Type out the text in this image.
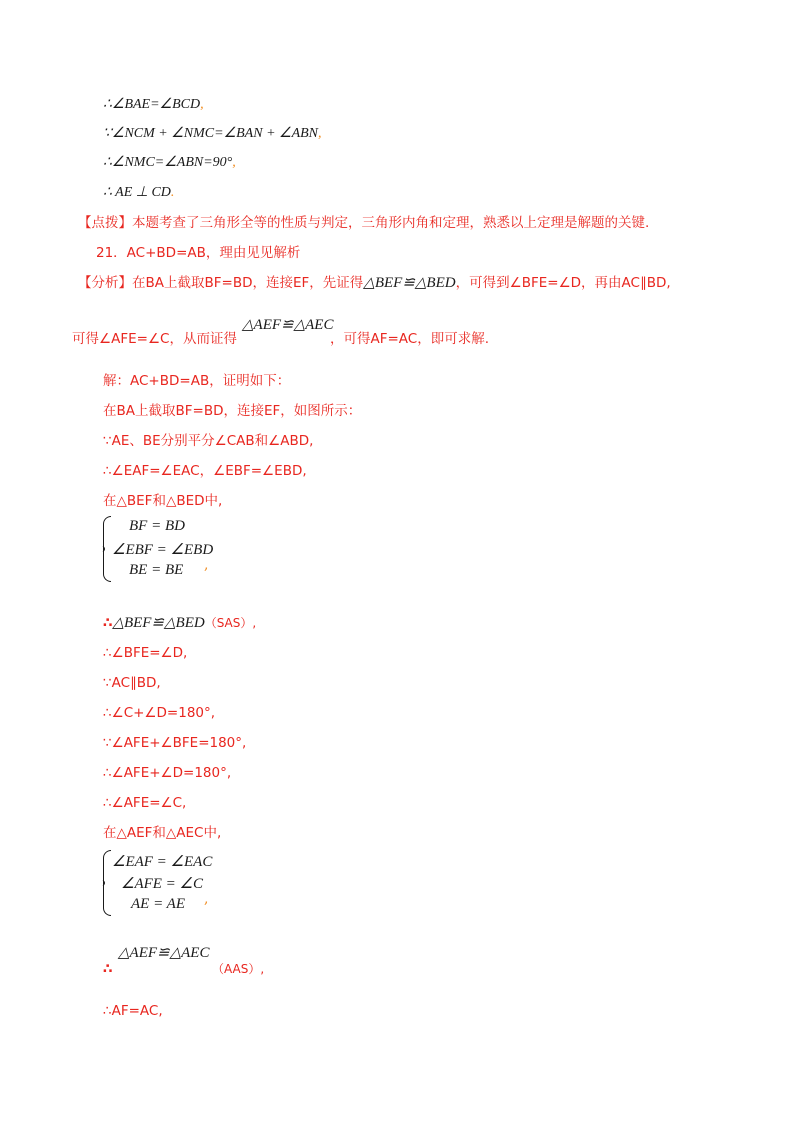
∴∠BAE=∠BCD,
∵∠NCM + ∠NMC=∠BAN + ∠ABN,
∴∠NMC=∠ABN=90°,
∴ AE ⊥ CD.
【点拨】本题考查了三角形全等的性质与判定，三角形内角和定理，熟悉以上定理是解题的关键.
21．AC+BD=AB，理由见见解析
【分析】在BA上截取BF=BD，连接EF，先证得△BEF≌△BED，可得到∠BFE=∠D，再由AC∥BD,
可得∠AFE=∠C，从而证得
△AEF≌△AEC
，可得AF=AC，即可求解.
解：AC+BD=AB，证明如下：
在BA上截取BF=BD，连接EF，如图所示：
∵AE、BE分别平分∠CAB和∠ABD,
∴∠EAF=∠EAC，∠EBF=∠EBD,
在△BEF和△BED中,
BF = BD
∠EBF = ∠EBD
BE = BE ,
∴△BEF≌△BED（SAS）,
∴∠BFE=∠D,
∵AC∥BD,
∴∠C+∠D=180°,
∵∠AFE+∠BFE=180°,
∴∠AFE+∠D=180°,
∴∠AFE=∠C,
在△AEF和△AEC中,
∠EAF = ∠EAC
∠AFE = ∠C
AE = AE ,
△AEF≌△AEC
∴	（AAS）,
∴AF=AC,
